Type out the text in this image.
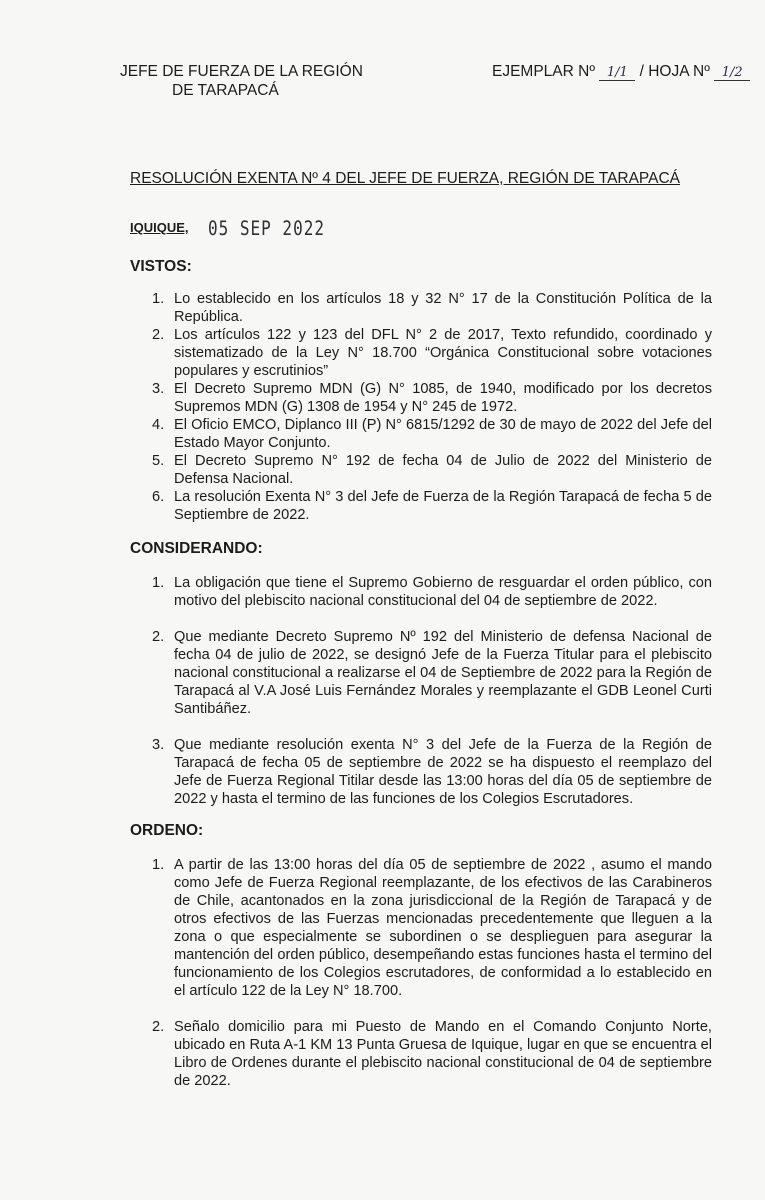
JEFE DE FUERZA DE LA REGIÓN
DE TARAPACÁ
EJEMPLAR Nº 1/1 / HOJA Nº 1/2
RESOLUCIÓN EXENTA Nº 4 DEL JEFE DE FUERZA, REGIÓN DE TARAPACÁ
IQUIQUE, 05 SEP 2022
VISTOS:
1. Lo establecido en los artículos 18 y 32 N° 17 de la Constitución Política de la República.
2. Los artículos 122 y 123 del DFL N° 2 de 2017, Texto refundido, coordinado y sistematizado de la Ley N° 18.700 “Orgánica Constitucional sobre votaciones populares y escrutinios”
3. El Decreto Supremo MDN (G) N° 1085, de 1940, modificado por los decretos Supremos MDN (G) 1308 de 1954 y N° 245 de 1972.
4. El Oficio EMCO, Diplanco III (P) N° 6815/1292 de 30 de mayo de 2022 del Jefe del Estado Mayor Conjunto.
5. El Decreto Supremo N° 192 de fecha 04 de Julio de 2022 del Ministerio de Defensa Nacional.
6. La resolución Exenta N° 3 del Jefe de Fuerza de la Región Tarapacá de fecha 5 de Septiembre de 2022.
CONSIDERANDO:
1. La obligación que tiene el Supremo Gobierno de resguardar el orden público, con motivo del plebiscito nacional constitucional del 04 de septiembre de 2022.
2. Que mediante Decreto Supremo Nº 192 del Ministerio de defensa Nacional de fecha 04 de julio de 2022, se designó Jefe de la Fuerza Titular para el plebiscito nacional constitucional a realizarse el 04 de Septiembre de 2022 para la Región de Tarapacá al V.A José Luis Fernández Morales y reemplazante el GDB Leonel Curti Santibáñez.
3. Que mediante resolución exenta N° 3 del Jefe de la Fuerza de la Región de Tarapacá de fecha 05 de septiembre de 2022 se ha dispuesto el reemplazo del Jefe de Fuerza Regional Titilar desde las 13:00 horas del día 05 de septiembre de 2022 y hasta el termino de las funciones de los Colegios Escrutadores.
ORDENO:
1. A partir de las 13:00 horas del día 05 de septiembre de 2022 , asumo el mando como Jefe de Fuerza Regional reemplazante, de los efectivos de las Carabineros de Chile, acantonados en la zona jurisdiccional de la Región de Tarapacá y de otros efectivos de las Fuerzas mencionadas precedentemente que lleguen a la zona o que especialmente se subordinen o se desplieguen para asegurar la mantención del orden público, desempeñando estas funciones hasta el termino del funcionamiento de los Colegios escrutadores, de conformidad a lo establecido en el artículo 122 de la Ley N° 18.700.
2. Señalo domicilio para mi Puesto de Mando en el Comando Conjunto Norte, ubicado en Ruta A-1 KM 13 Punta Gruesa de Iquique, lugar en que se encuentra el Libro de Ordenes durante el plebiscito nacional constitucional de 04 de septiembre de 2022.
